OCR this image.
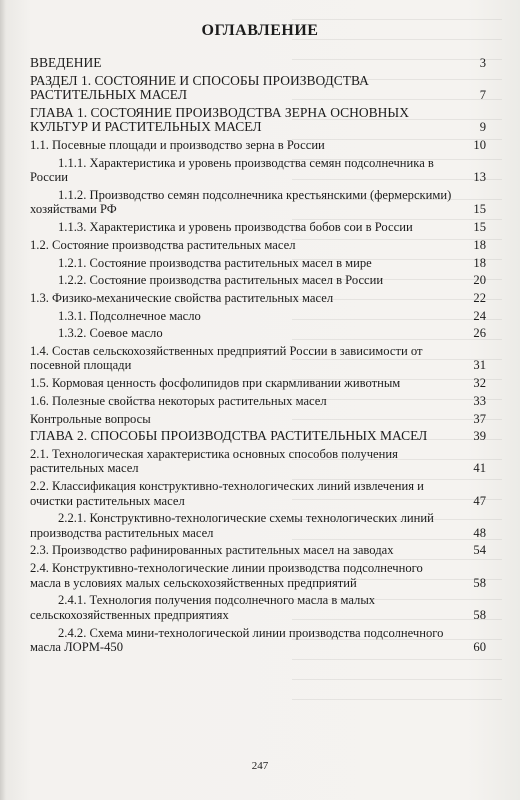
ОГЛАВЛЕНИЕ
ВВЕДЕНИЕ	3
РАЗДЕЛ 1. СОСТОЯНИЕ И СПОСОБЫ ПРОИЗВОДСТВА РАСТИТЕЛЬНЫХ МАСЕЛ	7
ГЛАВА 1. СОСТОЯНИЕ ПРОИЗВОДСТВА ЗЕРНА ОСНОВНЫХ КУЛЬТУР И РАСТИТЕЛЬНЫХ МАСЕЛ	9
1.1. Посевные площади и производство зерна в России	10
1.1.1. Характеристика и уровень производства семян подсолнечника в России	13
1.1.2. Производство семян подсолнечника крестьянскими (фермерскими) хозяйствами РФ	15
1.1.3. Характеристика и уровень производства бобов сои в России	15
1.2. Состояние производства растительных масел	18
1.2.1. Состояние производства растительных масел в мире	18
1.2.2. Состояние производства растительных масел в России	20
1.3. Физико-механические свойства растительных масел	22
1.3.1. Подсолнечное масло	24
1.3.2. Соевое масло	26
1.4. Состав сельскохозяйственных предприятий России в зависимости от посевной площади	31
1.5. Кормовая ценность фосфолипидов при скармливании животным	32
1.6. Полезные свойства некоторых растительных масел	33
Контрольные вопросы	37
ГЛАВА 2. СПОСОБЫ ПРОИЗВОДСТВА РАСТИТЕЛЬНЫХ МАСЕЛ	39
2.1. Технологическая характеристика основных способов получения растительных масел	41
2.2. Классификация конструктивно-технологических линий извлечения и очистки растительных масел	47
2.2.1. Конструктивно-технологические схемы технологических линий производства растительных масел	48
2.3. Производство рафинированных растительных масел на заводах	54
2.4. Конструктивно-технологические линии производства подсолнечного масла в условиях малых сельскохозяйственных предприятий	58
2.4.1. Технология получения подсолнечного масла в малых сельскохозяйственных предприятиях	58
2.4.2. Схема мини-технологической линии производства подсолнечного масла ЛОРМ-450	60
247
